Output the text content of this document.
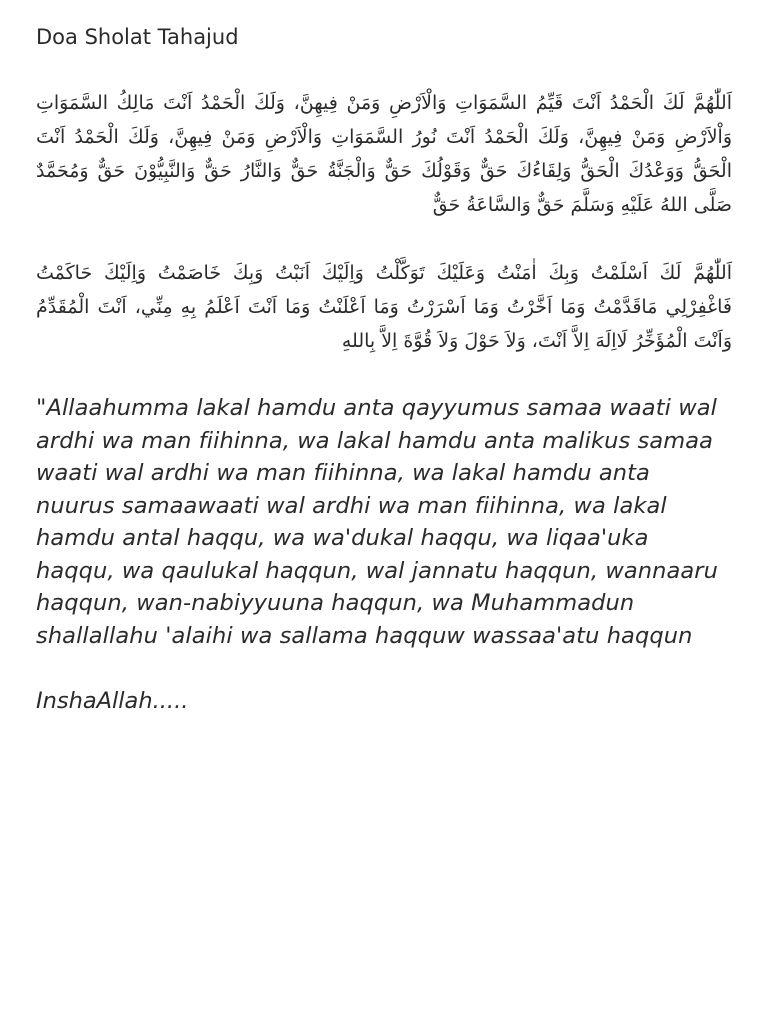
Doa Sholat Tahajud

اَللّٰهُمَّ لَكَ الْحَمْدُ اَنْتَ قَيِّمُ السَّمَوَاتِ وَالْاَرْضِ وَمَنْ فِيهِنَّ، وَلَكَ الْحَمْدُ اَنْتَ مَالِكُ السَّمَوَاتِ وَاْلاَرْضِ وَمَنْ فِيهِنَّ، وَلَكَ الْحَمْدُ اَنْتَ نُورُ السَّمَوَاتِ وَالْاَرْضِ وَمَنْ فِيهِنَّ، وَلَكَ الْحَمْدُ اَنْتَ الْحَقُّ وَوَعْدُكَ الْحَقُّ وَلِقَاءُكَ حَقٌّ وَقَوْلُكَ حَقٌّ وَالْجَنَّةُ حَقٌّ وَالنَّارُ حَقٌّ وَالنَّبِيُّوْنَ حَقٌّ وَمُحَمَّدٌ صَلَّى اللهُ عَلَيْهِ وَسَلَّمَ حَقٌّ وَالسَّاعَةُ حَقٌّ

اَللّٰهُمَّ لَكَ اَسْلَمْتُ وَبِكَ اٰمَنْتُ وَعَلَيْكَ تَوَكَّلْتُ وَاِلَيْكَ اَنَبْتُ وَبِكَ خَاصَمْتُ وَاِلَيْكَ حَاكَمْتُ فَاغْفِرْلِي مَاقَدَّمْتُ وَمَا اَخَّرْتُ وَمَا اَسْرَرْتُ وَمَا اَعْلَنْتُ وَمَا اَنْتَ اَعْلَمُ بِهِ مِنِّي، اَنْتَ الْمُقَدِّمُ وَاَنْتَ الْمُؤَخِّرُ لَااِلَهَ اِلاَّ اَنْتَ، وَلاَ حَوْلَ وَلاَ قُوَّةَ اِلاَّ بِاللهِ

"Allaahumma lakal hamdu anta qayyumus samaa waati wal ardhi wa man fiihinna, wa lakal hamdu anta malikus samaa waati wal ardhi wa man fiihinna, wa lakal hamdu anta nuurus samaawaati wal ardhi wa man fiihinna, wa lakal hamdu antal haqqu, wa wa'dukal haqqu, wa liqaa'uka haqqu, wa qaulukal haqqun, wal jannatu haqqun, wannaaru haqqun, wan-nabiyyuuna haqqun, wa Muhammadun shallallahu 'alaihi wa sallama haqquw wassaa'atu haqqun

InshaAllah.....
